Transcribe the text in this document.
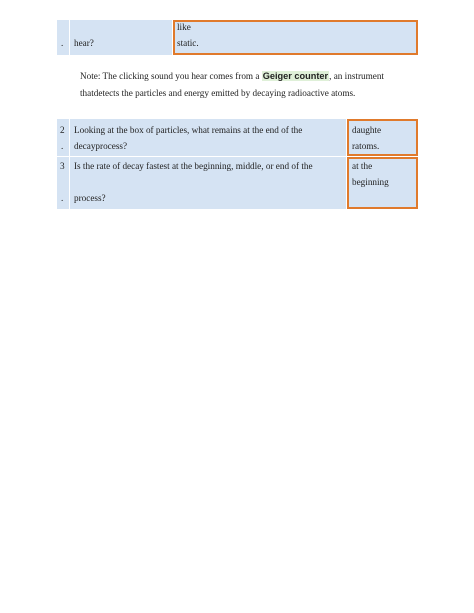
. hear?
like
static.
Note: The clicking sound you hear comes from a Geiger counter, an instrument
thatdetects the particles and energy emitted by decaying radioactive atoms.
2
.
Looking at the box of particles, what remains at the end of the
decayprocess?
daughte
ratoms.
3
.
Is the rate of decay fastest at the beginning, middle, or end of the
process?
at the
beginning
